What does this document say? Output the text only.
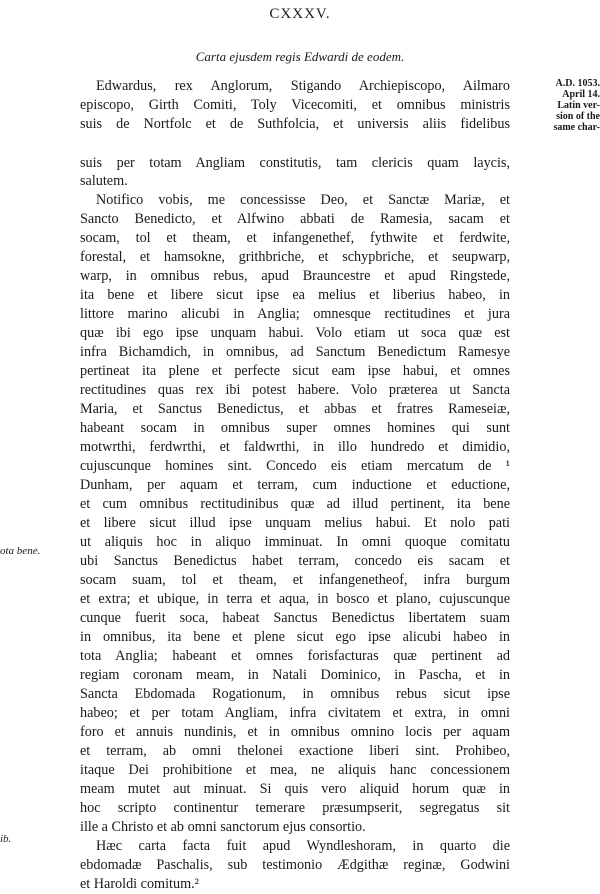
CXXXV.
Carta ejusdem regis Edwardi de eodem.
A.D. 1053.
April 14.
Latin ver-
sion of the
same char-
ota bene.
ib.
Edwardus, rex Anglorum, Stigando Archiepiscopo, Ailmaro
episcopo, Girth Comiti, Toly Vicecomiti, et omnibus ministris
suis de Nortfolc et de Suthfolcia, et universis aliis fidelibus
suis per totam Angliam constitutis, tam clericis quam laycis,
salutem.
Notifico vobis, me concessisse Deo, et Sanctæ Mariæ, et
Sancto Benedicto, et Alfwino abbati de Ramesia, sacam et
socam, tol et theam, et infangenethef, fythwite et ferdwite,
forestal, et hamsokne, grithbriche, et schypbriche, et seupwarp,
warp, in omnibus rebus, apud Brauncestre et apud Ringstede,
ita bene et libere sicut ipse ea melius et liberius habeo, in
littore marino alicubi in Anglia; omnesque rectitudines et jura
quæ ibi ego ipse unquam habui. Volo etiam ut soca quæ est
infra Bichamdich, in omnibus, ad Sanctum Benedictum Ramesye
pertineat ita plene et perfecte sicut eam ipse habui, et omnes
rectitudines quas rex ibi potest habere. Volo præterea ut Sancta
Maria, et Sanctus Benedictus, et abbas et fratres Rameseiæ,
habeant socam in omnibus super omnes homines qui sunt
motwrthi, ferdwrthi, et faldwrthi, in illo hundredo et dimidio,
cujuscunque homines sint. Concedo eis etiam mercatum de ¹
Dunham, per aquam et terram, cum inductione et eductione,
et cum omnibus rectitudinibus quæ ad illud pertinent, ita bene
et libere sicut illud ipse unquam melius habui. Et nolo pati
ut aliquis hoc in aliquo imminuat. In omni quoque comitatu
ubi Sanctus Benedictus habet terram, concedo eis sacam et
socam suam, tol et theam, et infangenetheof, infra burgum
et extra; et ubique, in terra et aqua, in bosco et plano, cujuscunque
cunque fuerit soca, habeat Sanctus Benedictus libertatem suam
in omnibus, ita bene et plene sicut ego ipse alicubi habeo in
tota Anglia; habeant et omnes forisfacturas quæ pertinent ad
regiam coronam meam, in Natali Dominico, in Pascha, et in
Sancta Ebdomada Rogationum, in omnibus rebus sicut ipse
habeo; et per totam Angliam, infra civitatem et extra, in omni
foro et annuis nundinis, et in omnibus omnino locis per aquam
et terram, ab omni thelonei exactione liberi sint. Prohibeo,
itaque Dei prohibitione et mea, ne aliquis hanc concessionem
meam mutet aut minuat. Si quis vero aliquid horum quæ in
hoc scripto continentur temerare præsumpserit, segregatus sit
ille a Christo et ab omni sanctorum ejus consortio.
Hæc carta facta fuit apud Wyndleshoram, in quarto die
ebdomadæ Paschalis, sub testimonio Ædgithæ reginæ, Godwini
et Haroldi comitum.²
